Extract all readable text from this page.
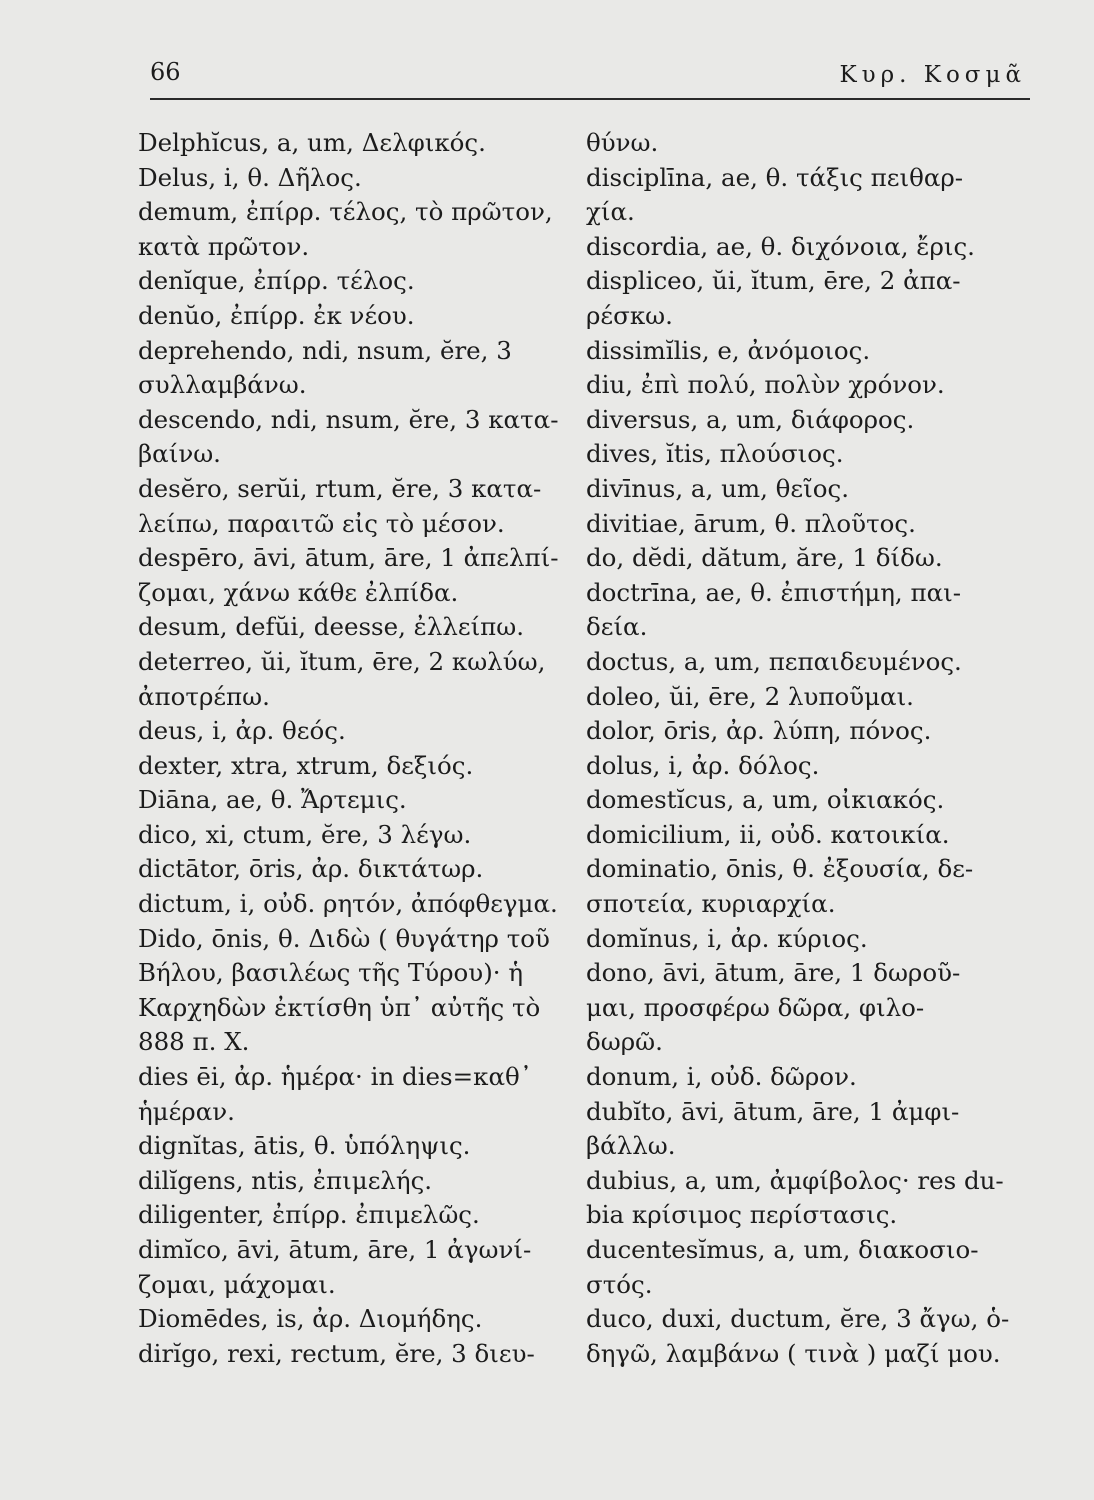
66	Κυρ. Κοσμᾶ
Delphĭcus, a, um, Δελφικός.
Delus, i, θ. Δῆλος.
demum, ἐπίρρ. τέλος, τὸ πρῶτον,
κατὰ πρῶτον.
denĭque, ἐπίρρ. τέλος.
denŭo, ἐπίρρ. ἐκ νέου.
deprehendo, ndi, nsum, ĕre, 3
συλλαμβάνω.
descendo, ndi, nsum, ĕre, 3 κατα-
βαίνω.
desĕro, serŭi, rtum, ĕre, 3 κατα-
λείπω, παραιτῶ εἰς τὸ μέσον.
despēro, āvi, ātum, āre, 1 ἀπελπί-
ζομαι, χάνω κάθε ἐλπίδα.
desum, defŭi, deesse, ἐλλείπω.
deterreo, ŭi, ĭtum, ēre, 2 κωλύω,
ἀποτρέπω.
deus, i, ἀρ. θεός.
dexter, xtra, xtrum, δεξιός.
Diāna, ae, θ. Ἄρτεμις.
dico, xi, ctum, ĕre, 3 λέγω.
dictātor, ōris, ἀρ. δικτάτωρ.
dictum, i, οὐδ. ρητόν, ἀπόφθεγμα.
Dido, ōnis, θ. Διδὼ ( θυγάτηρ τοῦ
Βήλου, βασιλέως τῆς Τύρου)· ἡ
Καρχηδὼν ἐκτίσθη ὑπ᾽ αὐτῆς τὸ
888 π. Χ.
dies ēi, ἀρ. ἡμέρα· in dies=καθ᾽
ἡμέραν.
dignĭtas, ātis, θ. ὑπόληψις.
dilĭgens, ntis, ἐπιμελής.
diligenter, ἐπίρρ. ἐπιμελῶς.
dimĭco, āvi, ātum, āre, 1 ἀγωνί-
ζομαι, μάχομαι.
Diomēdes, is, ἀρ. Διομήδης.
dirĭgo, rexi, rectum, ĕre, 3 διευ-
θύνω.
disciplīna, ae, θ. τάξις πειθαρ-
χία.
discordia, ae, θ. διχόνοια, ἔρις.
displiceo, ŭi, ĭtum, ēre, 2 ἀπα-
ρέσκω.
dissimĭlis, e, ἀνόμοιος.
diu, ἐπὶ πολύ, πολὺν χρόνον.
diversus, a, um, διάφορος.
dives, ĭtis, πλούσιος.
divīnus, a, um, θεῖος.
divitiae, ārum, θ. πλοῦτος.
do, dĕdi, dătum, ăre, 1 δίδω.
doctrīna, ae, θ. ἐπιστήμη, παι-
δεία.
doctus, a, um, πεπαιδευμένος.
doleo, ŭi, ēre, 2 λυποῦμαι.
dolor, ōris, ἀρ. λύπη, πόνος.
dolus, i, ἀρ. δόλος.
domestĭcus, a, um, οἰκιακός.
domicilium, ii, οὐδ. κατοικία.
dominatio, ōnis, θ. ἐξουσία, δε-
σποτεία, κυριαρχία.
domĭnus, i, ἀρ. κύριος.
dono, āvi, ātum, āre, 1 δωροῦ-
μαι, προσφέρω δῶρα, φιλο-
δωρῶ.
donum, i, οὐδ. δῶρον.
dubĭto, āvi, ātum, āre, 1 ἀμφι-
βάλλω.
dubius, a, um, ἀμφίβολος· res du-
bia κρίσιμος περίστασις.
ducentesĭmus, a, um, διακοσιο-
στός.
duco, duxi, ductum, ĕre, 3 ἄγω, ὁ-
δηγῶ, λαμβάνω ( τινὰ ) μαζί μου.
